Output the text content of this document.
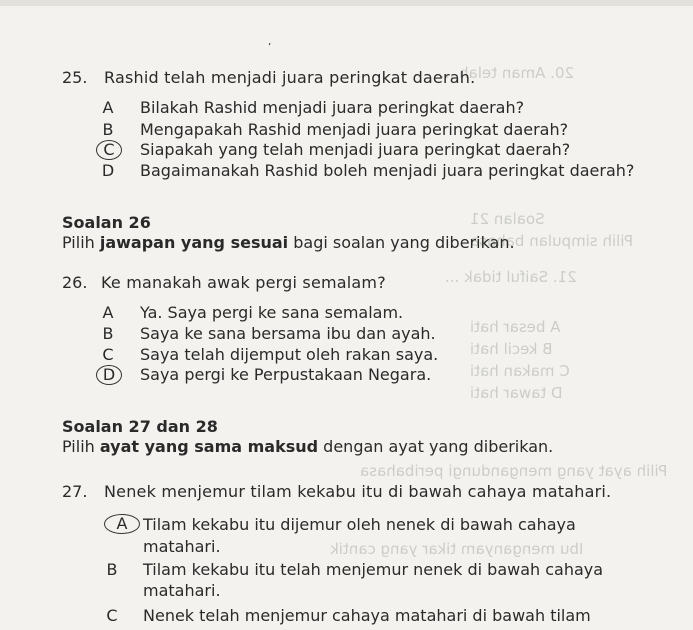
20. Aman telah ...
Soalan 21
Pilih simpulan bahasa
21. Saiful tidak ...
A besar hati
B kecil hati
C makan hati
D tawar hati
Pilih ayat yang mengandungi peribahasa
Ibu menganyam tikar yang cantik
’
25. Rashid telah menjadi juara peringkat daerah.
A	Bilakah Rashid menjadi juara peringkat daerah?
B	Mengapakah Rashid menjadi juara peringkat daerah?
C	Siapakah yang telah menjadi juara peringkat daerah?
D	Bagaimanakah Rashid boleh menjadi juara peringkat daerah?
Soalan 26
Pilih jawapan yang sesuai bagi soalan yang diberikan.
26. Ke manakah awak pergi semalam?
A	Ya. Saya pergi ke sana semalam.
B	Saya ke sana bersama ibu dan ayah.
C	Saya telah dijemput oleh rakan saya.
D	Saya pergi ke Perpustakaan Negara.
Soalan 27 dan 28
Pilih ayat yang sama maksud dengan ayat yang diberikan.
27. Nenek menjemur tilam kekabu itu di bawah cahaya matahari.
A Tilam kekabu itu dijemur oleh nenek di bawah cahaya
matahari.
B	Tilam kekabu itu telah menjemur nenek di bawah cahaya
matahari.
C	Nenek telah menjemur cahaya matahari di bawah tilam
